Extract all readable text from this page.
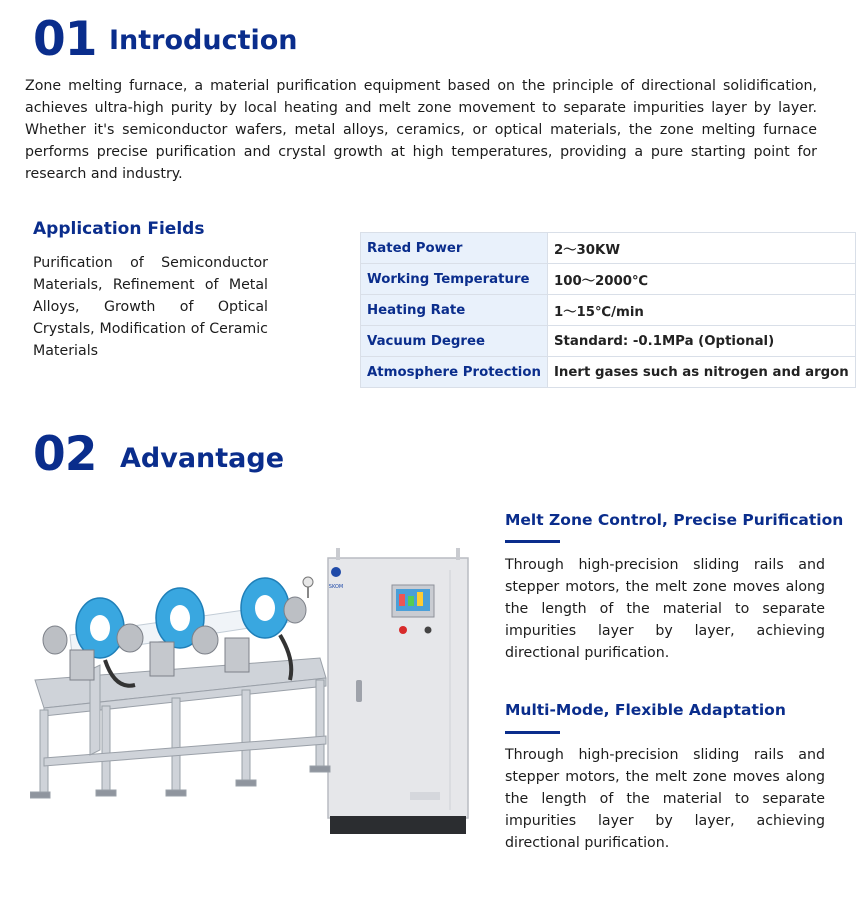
01 Introduction
Zone melting furnace, a material purification equipment based on the principle of directional solidification, achieves ultra-high purity by local heating and melt zone movement to separate impurities layer by layer. Whether it's semiconductor wafers, metal alloys, ceramics, or optical materials, the zone melting furnace performs precise purification and crystal growth at high temperatures, providing a pure starting point for research and industry.
Application Fields
Purification of Semiconductor Materials, Refinement of Metal Alloys, Growth of Optical Crystals, Modification of Ceramic Materials
Rated Power	2〜30KW
Working Temperature	100〜2000℃
Heating Rate	1〜15℃/min
Vacuum Degree	Standard: -0.1MPa (Optional)
Atmosphere Protection	Inert gases such as nitrogen and argon
02 Advantage
SKOM
Melt Zone Control, Precise Purification
Through high-precision sliding rails and stepper motors, the melt zone moves along the length of the material to separate impurities layer by layer, achieving directional purification.
Multi-Mode, Flexible Adaptation
Through high-precision sliding rails and stepper motors, the melt zone moves along the length of the material to separate impurities layer by layer, achieving directional purification.
